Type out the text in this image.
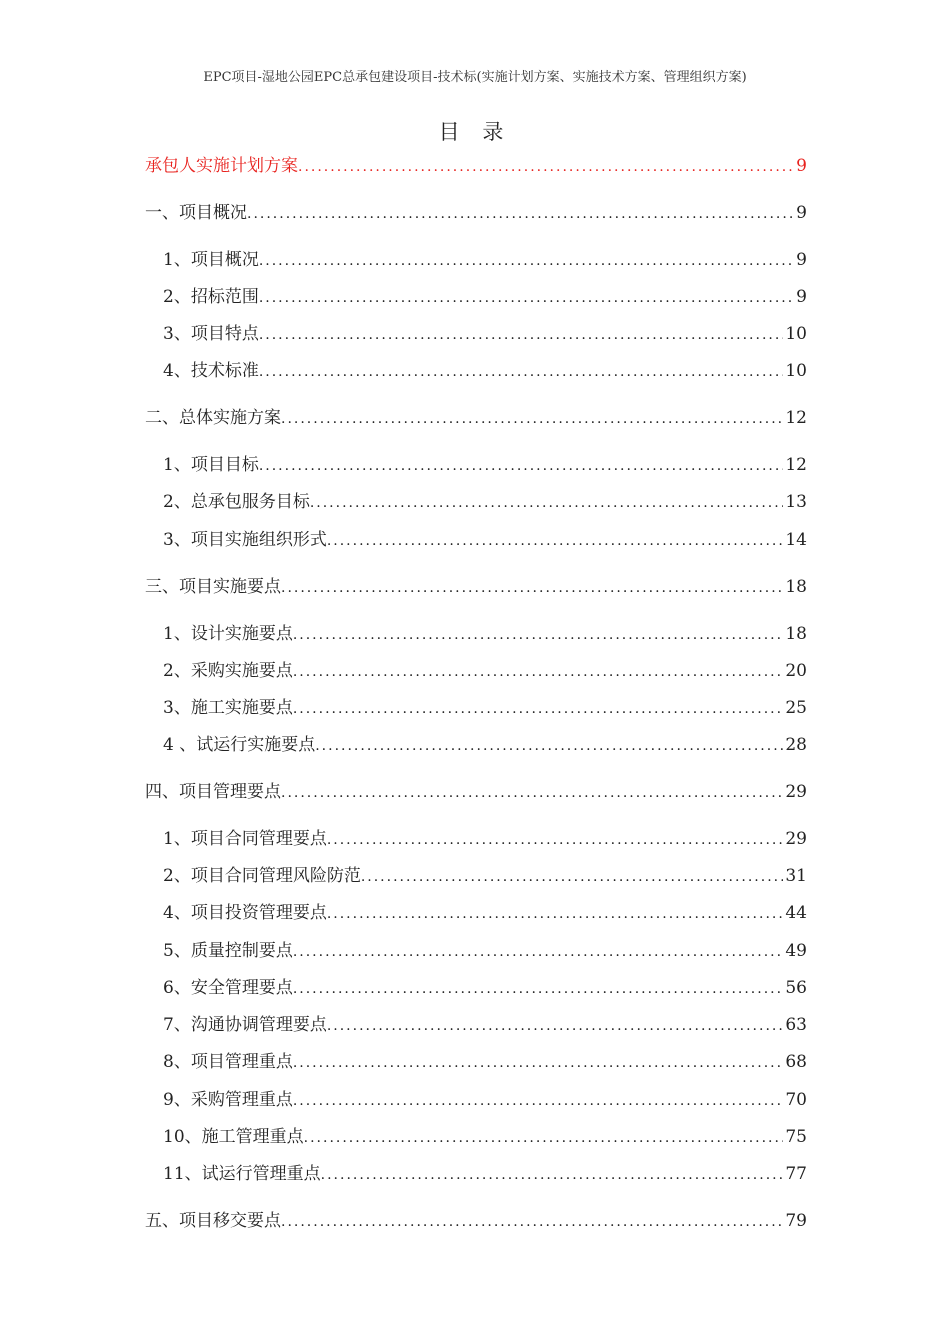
EPC项目-湿地公园EPC总承包建设项目-技术标(实施计划方案、实施技术方案、管理组织方案)
目 录
承包人实施计划方案 .....	9
一、项目概况 .....	9
1、项目概况 .....	9
2、招标范围 .....	9
3、项目特点 .....	10
4、技术标准 .....	10
二、总体实施方案 .....	12
1、项目目标 .....	12
2、总承包服务目标 .....	13
3、项目实施组织形式 .....	14
三、项目实施要点 .....	18
1、设计实施要点 .....	18
2、采购实施要点 .....	20
3、施工实施要点 .....	25
4 、试运行实施要点 .....	28
四、项目管理要点 .....	29
1、项目合同管理要点 .....	29
2、项目合同管理风险防范 .....	31
4、项目投资管理要点 .....	44
5、质量控制要点 .....	49
6、安全管理要点 .....	56
7、沟通协调管理要点 .....	63
8、项目管理重点 .....	68
9、采购管理重点 .....	70
10、施工管理重点 .....	75
11、试运行管理重点 .....	77
五、项目移交要点 .....	79
